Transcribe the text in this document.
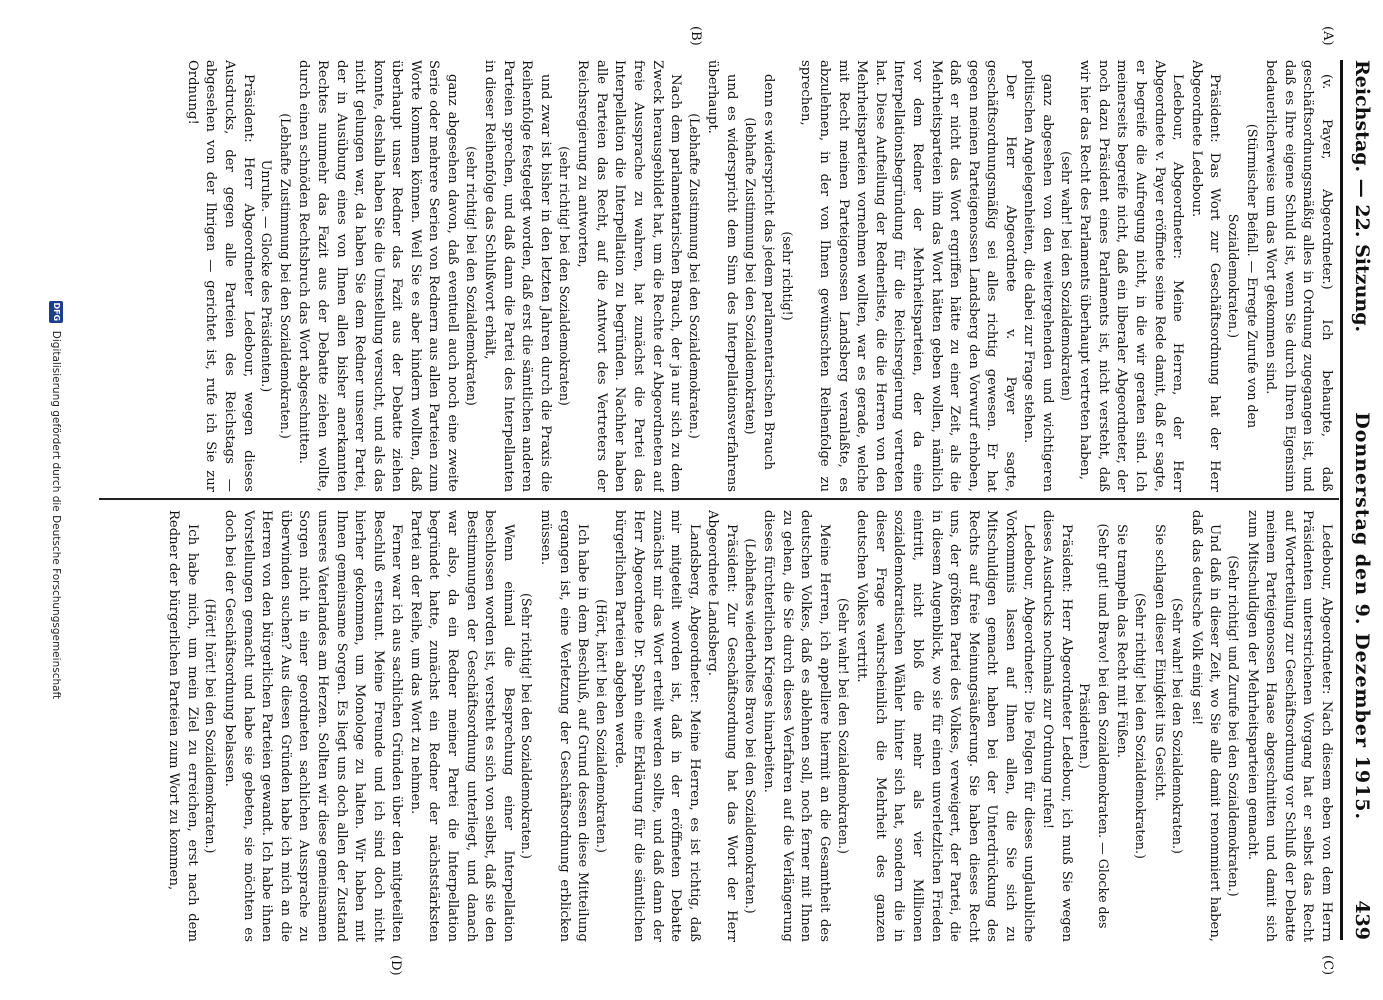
Reichstag. — 22. Sitzung.
Donnerstag den 9. Dezember 1915.
439
(A)
(B)
(C)
(D)

(v. Payer, Abgeordneter.) Ich behaupte, daß geschäftsordnungsmäßig alles in Ordnung zugegangen ist, und daß es Ihre eigene Schuld ist, wenn Sie durch Ihren Eigensinn bedauerlicherweise um das Wort gekommen sind.

(Stürmischer Beifall. — Erregte Zurufe von den Sozialdemokraten.)

Präsident: Das Wort zur Geschäftsordnung hat der Herr Abgeordnete Ledebour.

Ledebour, Abgeordneter: Meine Herren, der Herr Abgeordnete v. Payer eröffnete seine Rede damit, daß er sagte, er begreife die Aufregung nicht, in die wir geraten sind. Ich meinerseits begreife nicht, daß ein liberaler Abgeordneter, der noch dazu Präsident eines Parlaments ist, nicht versteht, daß wir hier das Recht des Parlaments überhaupt vertreten haben,

(sehr wahr! bei den Sozialdemokraten)

ganz abgesehen von den weitergehenden und wichtigeren politischen Angelegenheiten, die dabei zur Frage stehen.

Der Herr Abgeordnete v. Payer sagte, geschäftsordnungsmäßig sei alles richtig gewesen. Er hat gegen meinen Parteigenossen Landsberg den Vorwurf erhoben, daß er nicht das Wort ergriffen hätte zu einer Zeit, als die Mehrheitsparteien ihm das Wort hätten geben wollen, nämlich vor dem Redner der Mehrheitsparteien, der da eine Interpellationsbegründung für die Reichsregierung vertreten hat. Diese Aufteilung der Rednerliste, die die Herren von den Mehrheitsparteien vornehmen wollten, war es gerade, welche mit Recht meinen Parteigenossen Landsberg veranlaßte, es abzulehnen, in der von Ihnen gewünschten Reihenfolge zu sprechen,

(sehr richtig!)

denn es widerspricht das jedem parlamentarischen Brauch

(lebhafte Zustimmung bei den Sozialdemokraten)

und es widerspricht dem Sinn des Interpellationsverfahrens überhaupt.

(Lebhafte Zustimmung bei den Sozialdemokraten.)

Nach dem parlamentarischen Brauch, der ja nur sich zu dem Zweck herausgebildet hat, um die Rechte der Abgeordneten auf freie Aussprache zu wahren, hat zunächst die Partei das Interpellation die Interpellation zu begründen. Nachher haben alle Parteien das Recht, auf die Antwort des Vertreters der Reichsregierung zu antworten,

(sehr richtig! bei den Sozialdemokraten)

und zwar ist bisher in den letzten Jahren durch die Praxis die Reihenfolge festgelegt worden, daß erst die sämtlichen anderen Parteien sprechen, und daß dann die Partei des Interpellanten in dieser Reihenfolge das Schlußwort erhält,

(sehr richtig! bei den Sozialdemokraten)

ganz abgesehen davon, daß eventuell auch noch eine zweite Serie oder mehrere Serien von Rednern aus allen Parteien zum Worte kommen können. Weil Sie es aber hindern wollten, daß überhaupt unser Redner das Fazit aus der Debatte ziehen konnte, deshalb haben Sie die Umstellung versucht, und als das nicht gelungen war, da haben Sie dem Redner unserer Partei, der in Ausübung eines von Ihnen allen bisher anerkannten Rechtes nunmehr das Fazit aus der Debatte ziehen wollte, durch einen schnöden Rechtsbruch das Wort abgeschnitten.

(Lebhafte Zustimmung bei den Sozialdemokraten.)

Unruhe. — Glocke des Präsidenten.)

Präsident: Herr Abgeordneter Ledebour, wegen dieses Ausdrucks, der gegen alle Parteien des Reichstags — abgesehen von der Ihrigen — gerichtet ist, rufe ich Sie zur Ordnung!

Ledebour, Abgeordneter: Nach diesem eben von dem Herrn Präsidenten unterstrichenen Vorgang hat er selbst das Recht auf Worterteilung zur Geschäftsordnung vor Schluß der Debatte meinem Parteigenossen Haase abgeschnitten und damit sich zum Mitschuldigen der Mehrheitsparteien gemacht.

(Sehr richtig! und Zurufe bei den Sozialdemokraten.)

Und daß in dieser Zeit, wo Sie alle damit renommiert haben, daß das deutsche Volk einig sei!

(Sehr wahr! bei den Sozialdemokraten.)

Sie schlagen dieser Einigkeit ins Gesicht.

(Sehr richtig! bei den Sozialdemokraten.)

Sie trampeln das Recht mit Füßen.

(Sehr gut! und Bravo! bei den Sozialdemokraten. — Glocke des Präsidenten.)

Präsident: Herr Abgeordneter Ledebour, ich muß Sie wegen dieses Ausdrucks nochmals zur Ordnung rufen!

Ledebour, Abgeordneter: Die Folgen für dieses unglaubliche Vorkommnis lassen auf Ihnen allen, die Sie sich zu Mitschuldigen gemacht haben bei der Unterdrückung des Rechts auf freie Meinungsäußerung. Sie haben dieses Recht uns, der größten Partei des Volkes, verweigert, der Partei, die in diesem Augenblick, wo sie für einen unverletzlichen Frieden eintritt, nicht bloß die mehr als vier Millionen sozialdemokratischen Wähler hinter sich hat, sondern die in dieser Frage wahrscheinlich die Mehrheit des ganzen deutschen Volkes vertritt.

(Sehr wahr! bei den Sozialdemokraten.)

Meine Herren, ich appelliere hiermit an die Gesamtheit des deutschen Volkes, daß es ablehnen soll, noch ferner mit Ihnen zu gehen, die Sie durch dieses Verfahren auf die Verlängerung dieses fürchterlichen Krieges hinarbeiten.

(Lebhaftes wiederholtes Bravo bei den Sozialdemokraten.)

Präsident: Zur Geschäftsordnung hat das Wort der Herr Abgeordnete Landsberg.

Landsberg, Abgeordneter: Meine Herren, es ist richtig, daß mir mitgeteilt worden ist, daß in der eröffneten Debatte zunächst mir das Wort erteilt werden sollte, und daß dann der Herr Abgeordnete Dr. Spahn eine Erklärung für die sämtlichen bürgerlichen Parteien abgeben werde.

(Hört, hört! bei den Sozialdemokraten.)

Ich habe in dem Beschluß, auf Grund dessen diese Mitteilung ergangen ist, eine Verletzung der Geschäftsordnung erblicken müssen.

(Sehr richtig! bei den Sozialdemokraten.)

Wenn einmal die Besprechung einer Interpellation beschlossen worden ist, versteht es sich von selbst, daß sie den Bestimmungen der Geschäftsordnung unterliegt, und danach war also, da ein Redner meiner Partei die Interpellation begründet hatte, zunächst ein Redner der nächststärksten Partei an der Reihe, um das Wort zu nehmen.

Ferner war ich aus sachlichen Gründen über den mitgeteilten Beschluß erstaunt. Meine Freunde und ich sind doch nicht hierher gekommen, um Monologe zu halten. Wir haben mit Ihnen gemeinsame Sorgen. Es liegt uns doch allen der Zustand unseres Vaterlandes am Herzen. Sollten wir diese gemeinsamen Sorgen nicht in einer geordneten sachlichen Aussprache zu überwinden suchen? Aus diesen Gründen habe ich mich an die Herren von den bürgerlichen Parteien gewandt. Ich habe ihnen Vorstellungen gemacht und habe sie gebeten, sie möchten es doch bei der Geschäftsordnung belassen.

(Hört! hört! bei den Sozialdemokraten.)

Ich habe mich, um mein Ziel zu erreichen, erst nach dem Redner der bürgerlichen Parteien zum Wort zu kommen,

DFG
Digitalisierung gefördert durch die Deutsche Forschungsgemeinschaft
